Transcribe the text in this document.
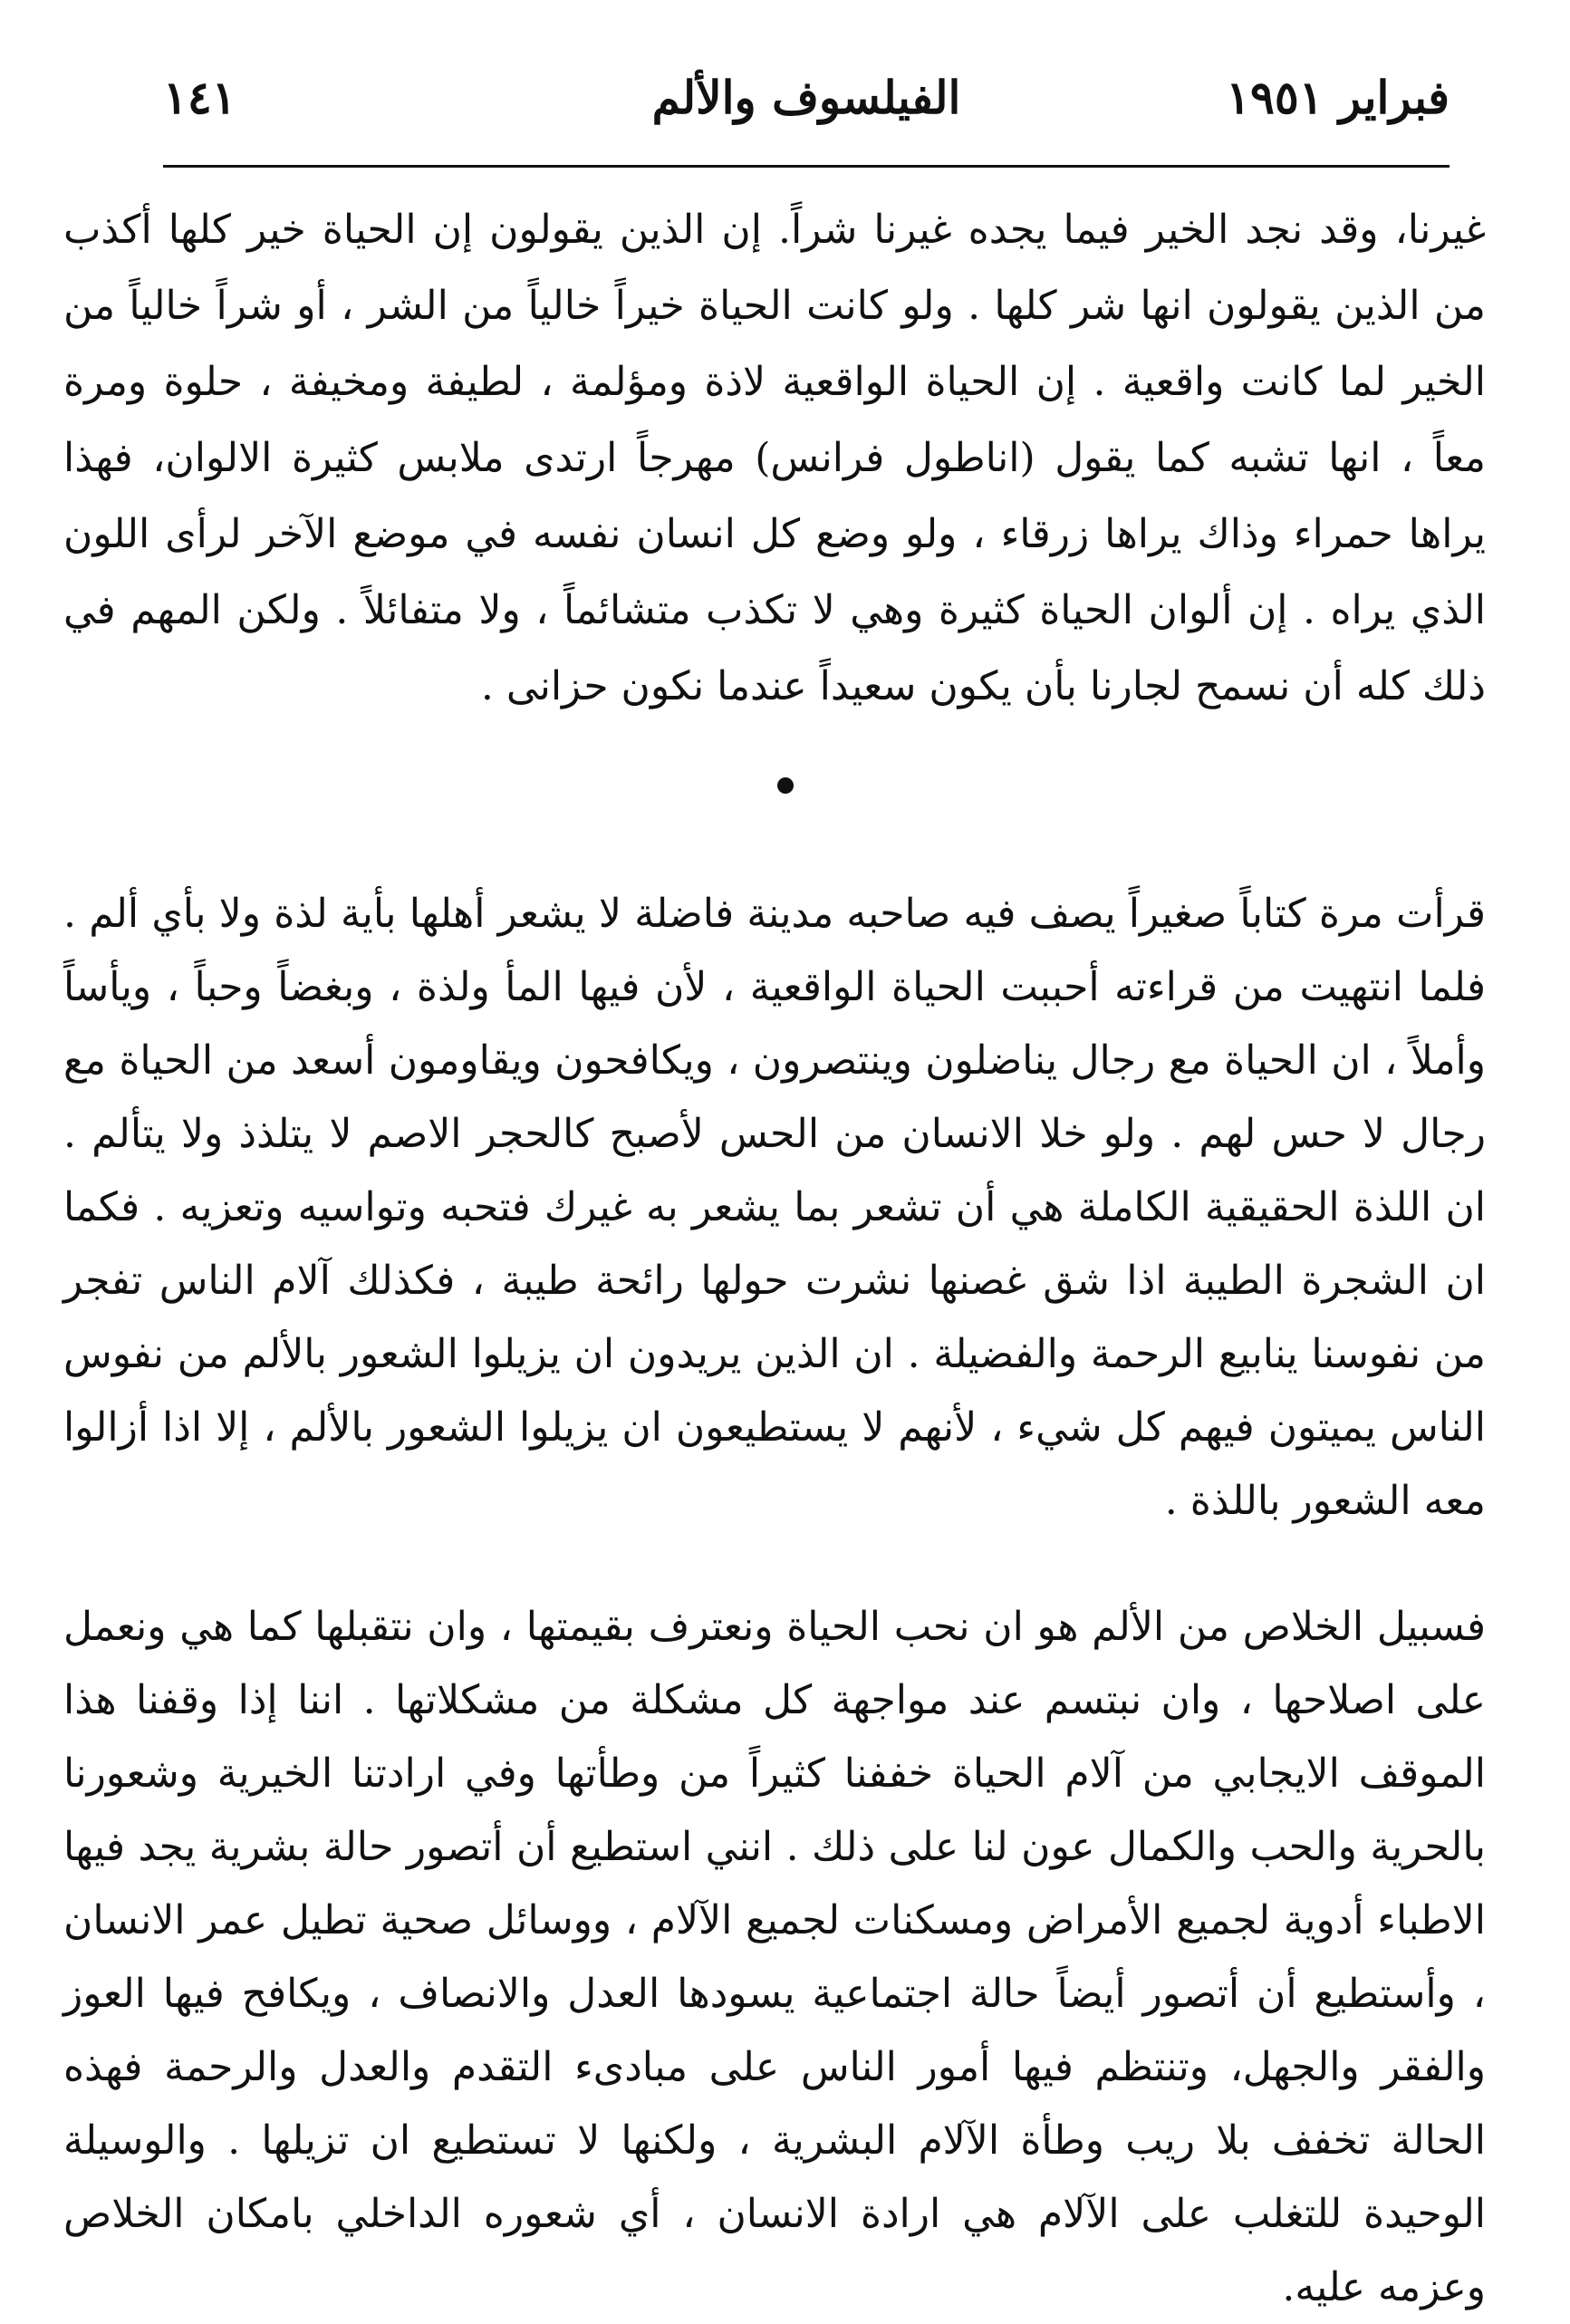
فبراير ١٩٥١
الفيلسوف والألم
١٤١

غيرنا، وقد نجد الخير فيما يجده غيرنا شراً. إن الذين يقولون إن الحياة خير كلها أكذب من الذين يقولون انها شر كلها . ولو كانت الحياة خيراً خالياً من الشر ، أو شراً خالياً من الخير لما كانت واقعية . إن الحياة الواقعية لاذة ومؤلمة ، لطيفة ومخيفة ، حلوة ومرة معاً ، انها تشبه كما يقول (اناطول فرانس) مهرجاً ارتدى ملابس كثيرة الالوان، فهذا يراها حمراء وذاك يراها زرقاء ، ولو وضع كل انسان نفسه في موضع الآخر لرأى اللون الذي يراه . إن ألوان الحياة كثيرة وهي لا تكذب متشائماً ، ولا متفائلاً . ولكن المهم في ذلك كله أن نسمح لجارنا بأن يكون سعيداً عندما نكون حزانى .

قرأت مرة كتاباً صغيراً يصف فيه صاحبه مدينة فاضلة لا يشعر أهلها بأية لذة ولا بأي ألم . فلما انتهيت من قراءته أحببت الحياة الواقعية ، لأن فيها المأ ولذة ، وبغضاً وحباً ، ويأساً وأملاً ، ان الحياة مع رجال يناضلون وينتصرون ، ويكافحون ويقاومون أسعد من الحياة مع رجال لا حس لهم . ولو خلا الانسان من الحس لأصبح كالحجر الاصم لا يتلذذ ولا يتألم . ان اللذة الحقيقية الكاملة هي أن تشعر بما يشعر به غيرك فتحبه وتواسيه وتعزيه . فكما ان الشجرة الطيبة اذا شق غصنها نشرت حولها رائحة طيبة ، فكذلك آلام الناس تفجر من نفوسنا ينابيع الرحمة والفضيلة . ان الذين يريدون ان يزيلوا الشعور بالألم من نفوس الناس يميتون فيهم كل شيء ، لأنهم لا يستطيعون ان يزيلوا الشعور بالألم ، إلا اذا أزالوا معه الشعور باللذة .

فسبيل الخلاص من الألم هو ان نحب الحياة ونعترف بقيمتها ، وان نتقبلها كما هي ونعمل على اصلاحها ، وان نبتسم عند مواجهة كل مشكلة من مشكلاتها . اننا إذا وقفنا هذا الموقف الايجابي من آلام الحياة خففنا كثيراً من وطأتها وفي ارادتنا الخيرية وشعورنا بالحرية والحب والكمال عون لنا على ذلك . انني استطيع أن أتصور حالة بشرية يجد فيها الاطباء أدوية لجميع الأمراض ومسكنات لجميع الآلام ، ووسائل صحية تطيل عمر الانسان ، وأستطيع أن أتصور أيضاً حالة اجتماعية يسودها العدل والانصاف ، ويكافح فيها العوز والفقر والجهل، وتنتظم فيها أمور الناس على مبادىء التقدم والعدل والرحمة فهذه الحالة تخفف بلا ريب وطأة الآلام البشرية ، ولكنها لا تستطيع ان تزيلها . والوسيلة الوحيدة للتغلب على الآلام هي ارادة الانسان ، أي شعوره الداخلي بامكان الخلاص وعزمه عليه.
